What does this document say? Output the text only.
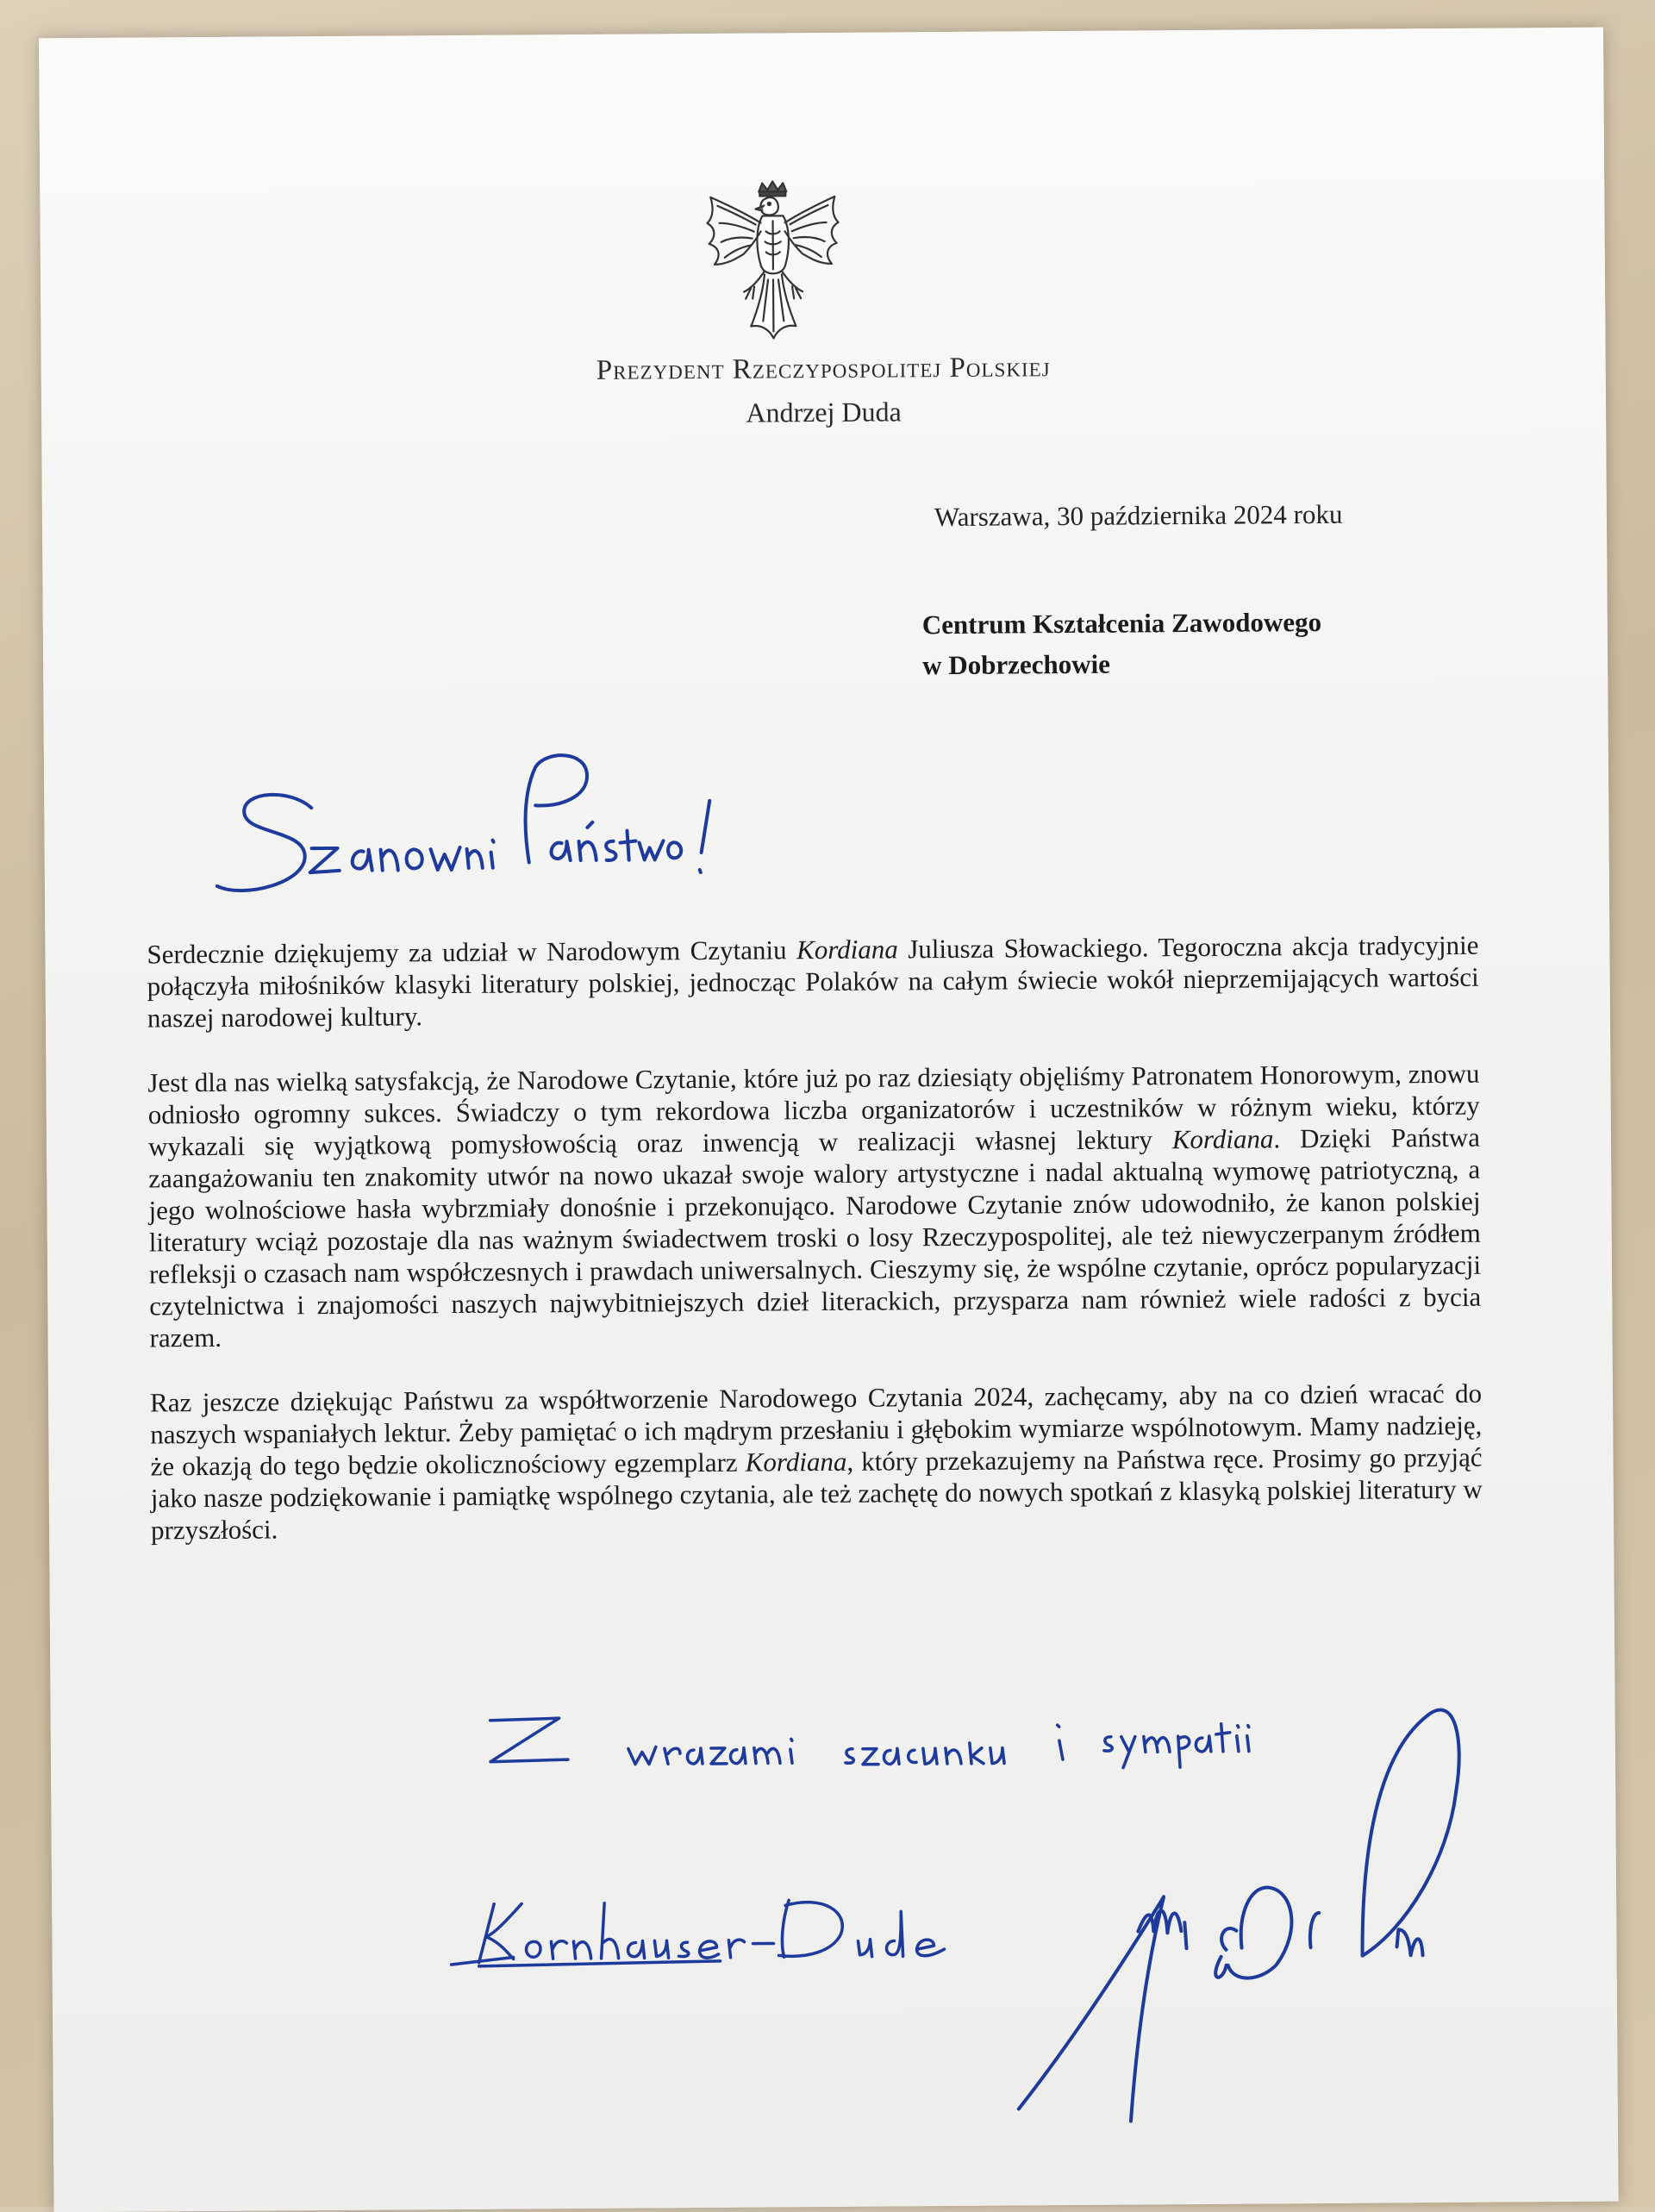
Prezydent Rzeczypospolitej Polskiej
Andrzej Duda
Warszawa, 30 października 2024 roku
Centrum Kształcenia Zawodowego
w Dobrzechowie

Serdecznie dziękujemy za udział w Narodowym Czytaniu Kordiana Juliusza Słowackiego. Tegoroczna akcja tradycyjnie połączyła miłośników klasyki literatury polskiej, jednocząc Polaków na całym świecie wokół nieprzemijających wartości naszej narodowej kultury.

Jest dla nas wielką satysfakcją, że Narodowe Czytanie, które już po raz dziesiąty objęliśmy Patronatem Honorowym, znowu odniosło ogromny sukces. Świadczy o tym rekordowa liczba organizatorów i uczestników w różnym wieku, którzy wykazali się wyjątkową pomysłowością oraz inwencją w realizacji własnej lektury Kordiana. Dzięki Państwa zaangażowaniu ten znakomity utwór na nowo ukazał swoje walory artystyczne i nadal aktualną wymowę patriotyczną, a jego wolnościowe hasła wybrzmiały donośnie i przekonująco. Narodowe Czytanie znów udowodniło, że kanon polskiej literatury wciąż pozostaje dla nas ważnym świadectwem troski o losy Rzeczypospolitej, ale też niewyczerpanym źródłem refleksji o czasach nam współczesnych i prawdach uniwersalnych. Cieszymy się, że wspólne czytanie, oprócz popularyzacji czytelnictwa i znajomości naszych najwybitniejszych dzieł literackich, przysparza nam również wiele radości z bycia razem.

Raz jeszcze dziękując Państwu za współtworzenie Narodowego Czytania 2024, zachęcamy, aby na co dzień wracać do naszych wspaniałych lektur. Żeby pamiętać o ich mądrym przesłaniu i głębokim wymiarze wspólnotowym. Mamy nadzieję, że okazją do tego będzie okolicznościowy egzemplarz Kordiana, który przekazujemy na Państwa ręce. Prosimy go przyjąć jako nasze podziękowanie i pamiątkę wspólnego czytania, ale też zachętę do nowych spotkań z klasyką polskiej literatury w przyszłości.
